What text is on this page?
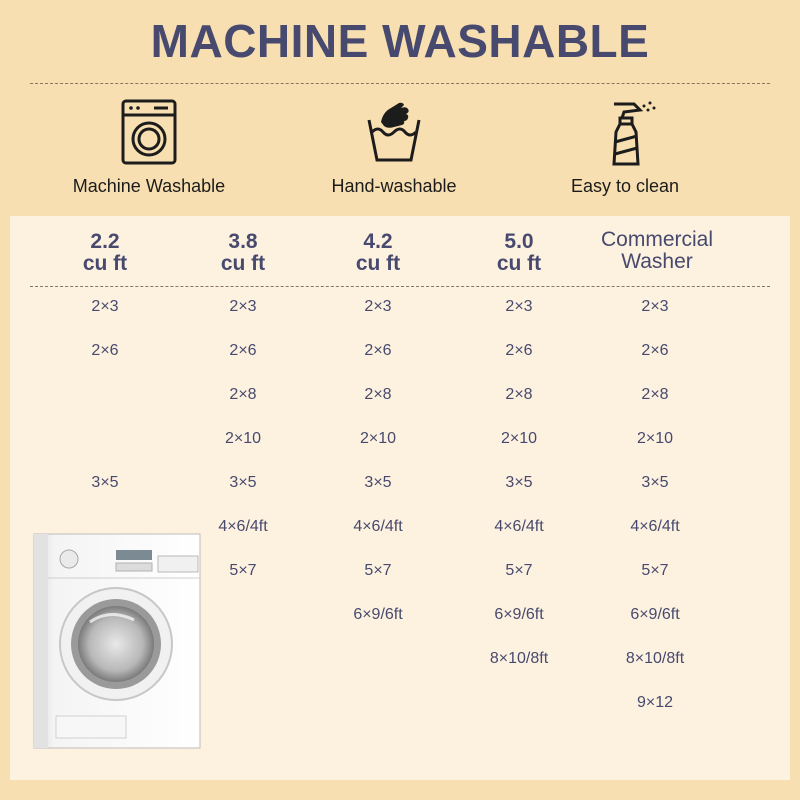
MACHINE WASHABLE
Machine Washable	Hand-washable	Easy to clean
2.2
cu ft
3.8
cu ft
4.2
cu ft
5.0
cu ft
Commercial
Washer
2×3
2×6
3×5
2×3
2×6
2×8
2×10
3×5
4×6/4ft
5×7
2×3
2×6
2×8
2×10
3×5
4×6/4ft
5×7
6×9/6ft
2×3
2×6
2×8
2×10
3×5
4×6/4ft
5×7
6×9/6ft
8×10/8ft
2×3
2×6
2×8
2×10
3×5
4×6/4ft
5×7
6×9/6ft
8×10/8ft
9×12
